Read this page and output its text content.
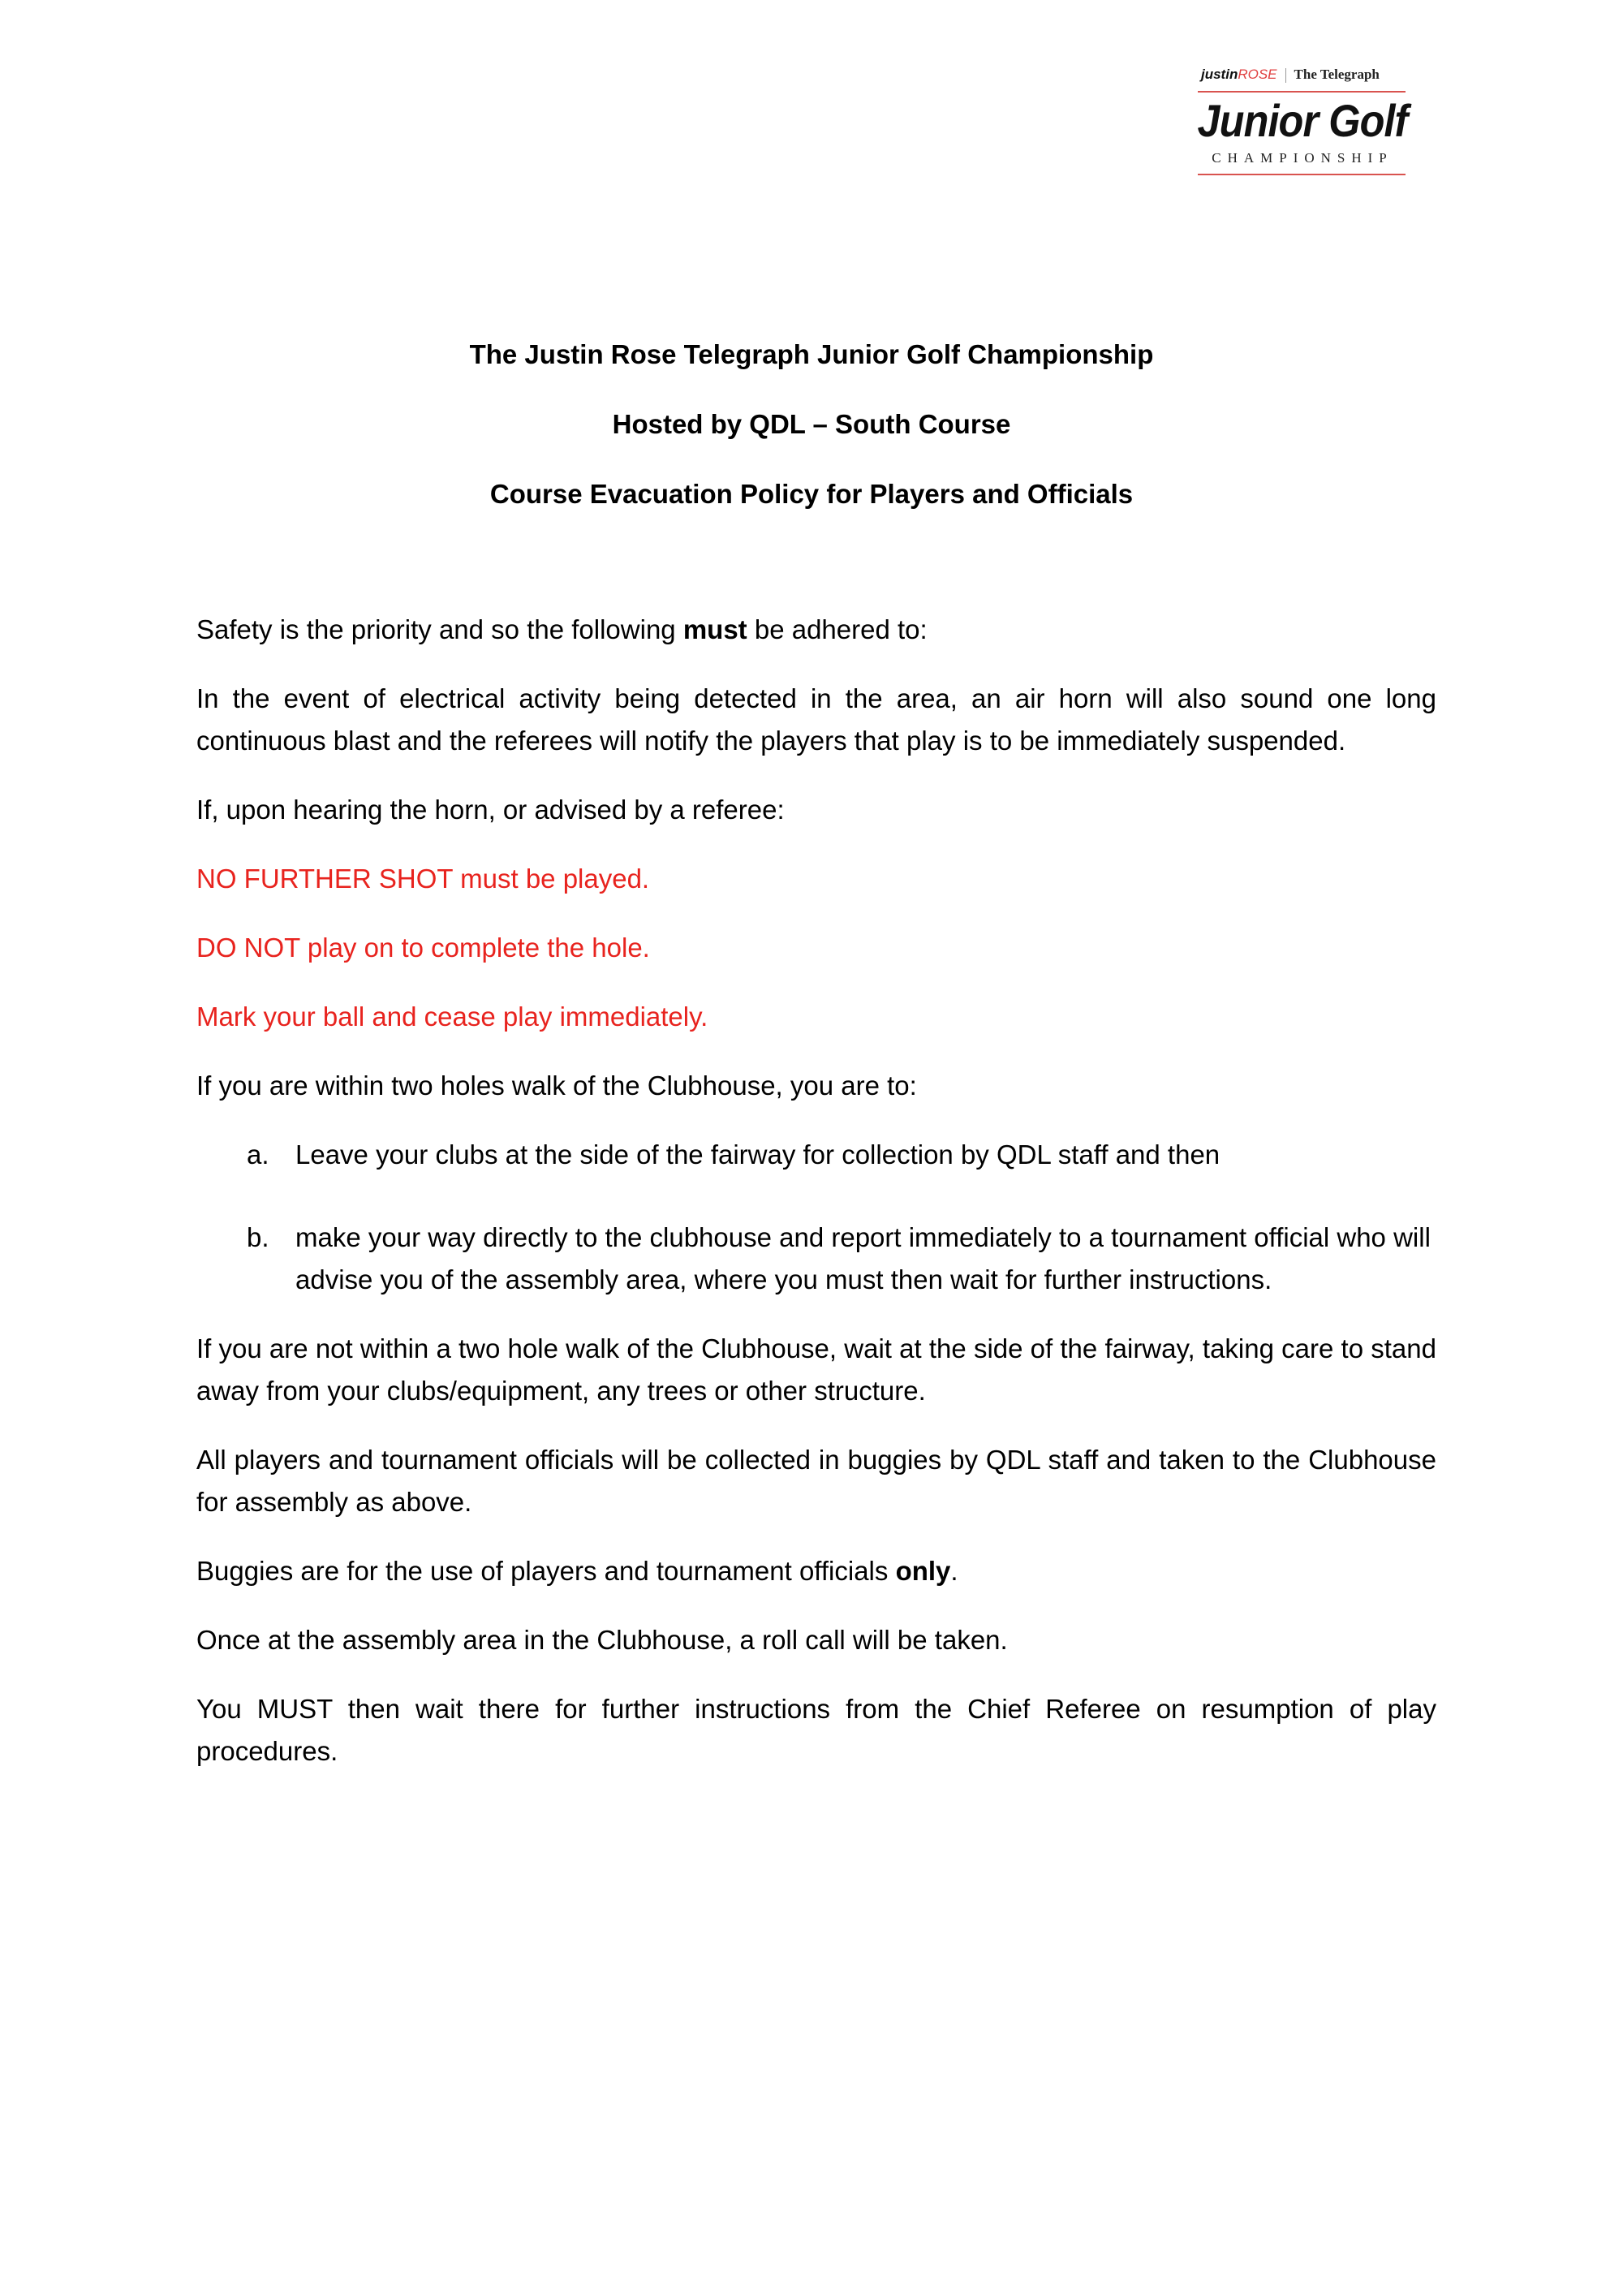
justinROSE The Telegraph
Junior Golf
CHAMPIONSHIP
The Justin Rose Telegraph Junior Golf Championship
Hosted by QDL – South Course
Course Evacuation Policy for Players and Officials

Safety is the priority and so the following must be adhered to:

In the event of electrical activity being detected in the area, an air horn will also sound one long continuous blast and the referees will notify the players that play is to be immediately suspended.

If, upon hearing the horn, or advised by a referee:

NO FURTHER SHOT must be played.

DO NOT play on to complete the hole.

Mark your ball and cease play immediately.

If you are within two holes walk of the Clubhouse, you are to:

a. Leave your clubs at the side of the fairway for collection by QDL staff and then
b. make your way directly to the clubhouse and report immediately to a tournament official who will advise you of the assembly area, where you must then wait for further instructions.

If you are not within a two hole walk of the Clubhouse, wait at the side of the fairway, taking care to stand away from your clubs/equipment, any trees or other structure.

All players and tournament officials will be collected in buggies by QDL staff and taken to the Clubhouse for assembly as above.

Buggies are for the use of players and tournament officials only.

Once at the assembly area in the Clubhouse, a roll call will be taken.

You MUST then wait there for further instructions from the Chief Referee on resumption of play procedures.
